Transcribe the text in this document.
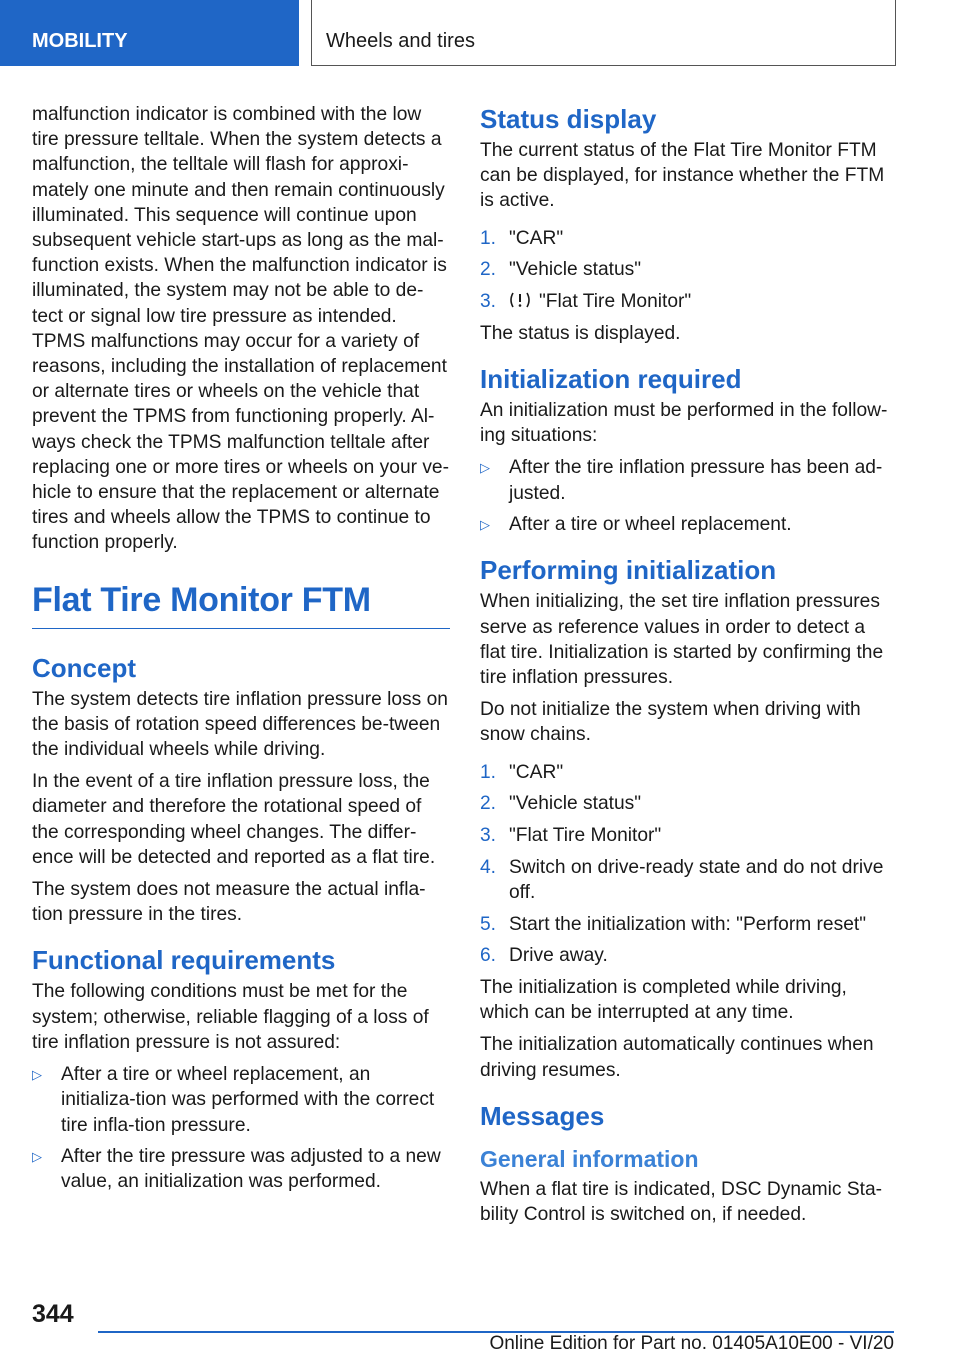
MOBILITY	Wheels and tires

malfunction indicator is combined with the low tire pressure telltale. When the system detects a malfunction, the telltale will flash for approxi-mately one minute and then remain continuously illuminated. This sequence will continue upon subsequent vehicle start-ups as long as the mal-function exists. When the malfunction indicator is illuminated, the system may not be able to de-tect or signal low tire pressure as intended. TPMS malfunctions may occur for a variety of reasons, including the installation of replacement or alternate tires or wheels on the vehicle that prevent the TPMS from functioning properly. Al-ways check the TPMS malfunction telltale after replacing one or more tires or wheels on your ve-hicle to ensure that the replacement or alternate tires and wheels allow the TPMS to continue to function properly.

Flat Tire Monitor FTM
Concept

The system detects tire inflation pressure loss on the basis of rotation speed differences be-tween the individual wheels while driving.

In the event of a tire inflation pressure loss, the diameter and therefore the rotational speed of the corresponding wheel changes. The differ-ence will be detected and reported as a flat tire.

The system does not measure the actual infla-tion pressure in the tires.

Functional requirements

The following conditions must be met for the system; otherwise, reliable flagging of a loss of tire inflation pressure is not assured:

▷ After a tire or wheel replacement, an initializa-tion was performed with the correct tire infla-tion pressure.
▷ After the tire pressure was adjusted to a new value, an initialization was performed.
Status display

The current status of the Flat Tire Monitor FTM can be displayed, for instance whether the FTM is active.

1. "CAR"
2. "Vehicle status"
3. "Flat Tire Monitor"

The status is displayed.

Initialization required

An initialization must be performed in the follow-ing situations:

▷ After the tire inflation pressure has been ad-justed.
▷ After a tire or wheel replacement.
Performing initialization

When initializing, the set tire inflation pressures serve as reference values in order to detect a flat tire. Initialization is started by confirming the tire inflation pressures.

Do not initialize the system when driving with snow chains.

1. "CAR"
2. "Vehicle status"
3. "Flat Tire Monitor"
4. Switch on drive-ready state and do not drive off.
5. Start the initialization with: "Perform reset"
6. Drive away.

The initialization is completed while driving, which can be interrupted at any time.

The initialization automatically continues when driving resumes.

Messages
General information

When a flat tire is indicated, DSC Dynamic Sta-bility Control is switched on, if needed.

344
Online Edition for Part no. 01405A10E00 - VI/20
